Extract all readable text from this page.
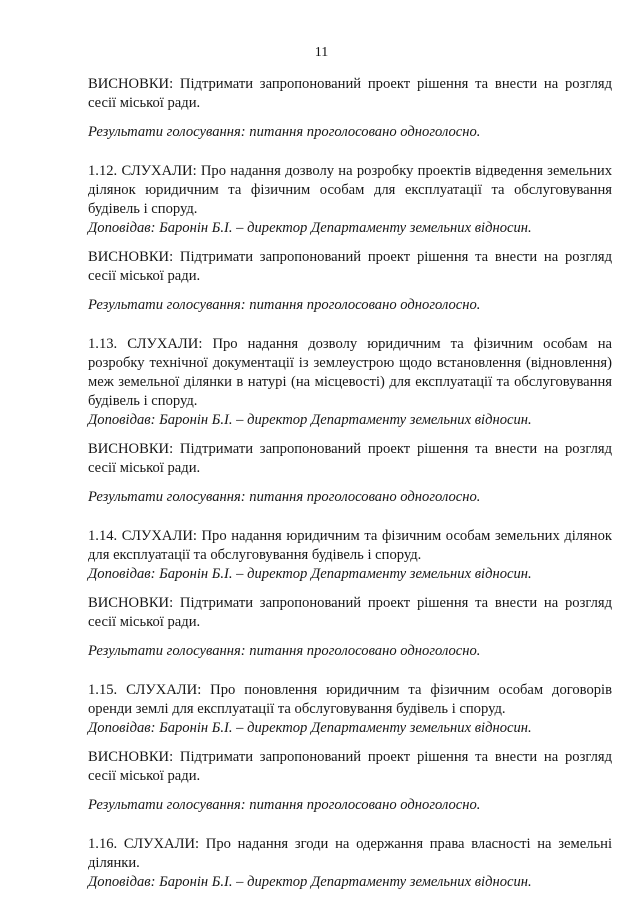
11
ВИСНОВКИ: Підтримати запропонований проект рішення та внести на розгляд сесії міської ради.
Результати голосування: питання проголосовано одноголосно.
1.12. СЛУХАЛИ: Про надання дозволу на розробку проектів відведення земельних ділянок юридичним та фізичним особам для експлуатації та обслуговування будівель і споруд.
Доповідав: Баронін Б.І. – директор Департаменту земельних відносин.
ВИСНОВКИ: Підтримати запропонований проект рішення та внести на розгляд сесії міської ради.
Результати голосування: питання проголосовано одноголосно.
1.13. СЛУХАЛИ: Про надання дозволу юридичним та фізичним особам на розробку технічної документації із землеустрою щодо встановлення (відновлення) меж земельної ділянки в натурі (на місцевості) для експлуатації та обслуговування будівель і споруд.
Доповідав: Баронін Б.І. – директор Департаменту земельних відносин.
ВИСНОВКИ: Підтримати запропонований проект рішення та внести на розгляд сесії міської ради.
Результати голосування: питання проголосовано одноголосно.
1.14. СЛУХАЛИ: Про надання юридичним та фізичним особам земельних ділянок для експлуатації та обслуговування будівель і споруд.
Доповідав: Баронін Б.І. – директор Департаменту земельних відносин.
ВИСНОВКИ: Підтримати запропонований проект рішення та внести на розгляд сесії міської ради.
Результати голосування: питання проголосовано одноголосно.
1.15. СЛУХАЛИ: Про поновлення юридичним та фізичним особам договорів оренди землі для експлуатації та обслуговування будівель і споруд.
Доповідав: Баронін Б.І. – директор Департаменту земельних відносин.
ВИСНОВКИ: Підтримати запропонований проект рішення та внести на розгляд сесії міської ради.
Результати голосування: питання проголосовано одноголосно.
1.16. СЛУХАЛИ: Про надання згоди на одержання права власності на земельні ділянки.
Доповідав: Баронін Б.І. – директор Департаменту земельних відносин.
